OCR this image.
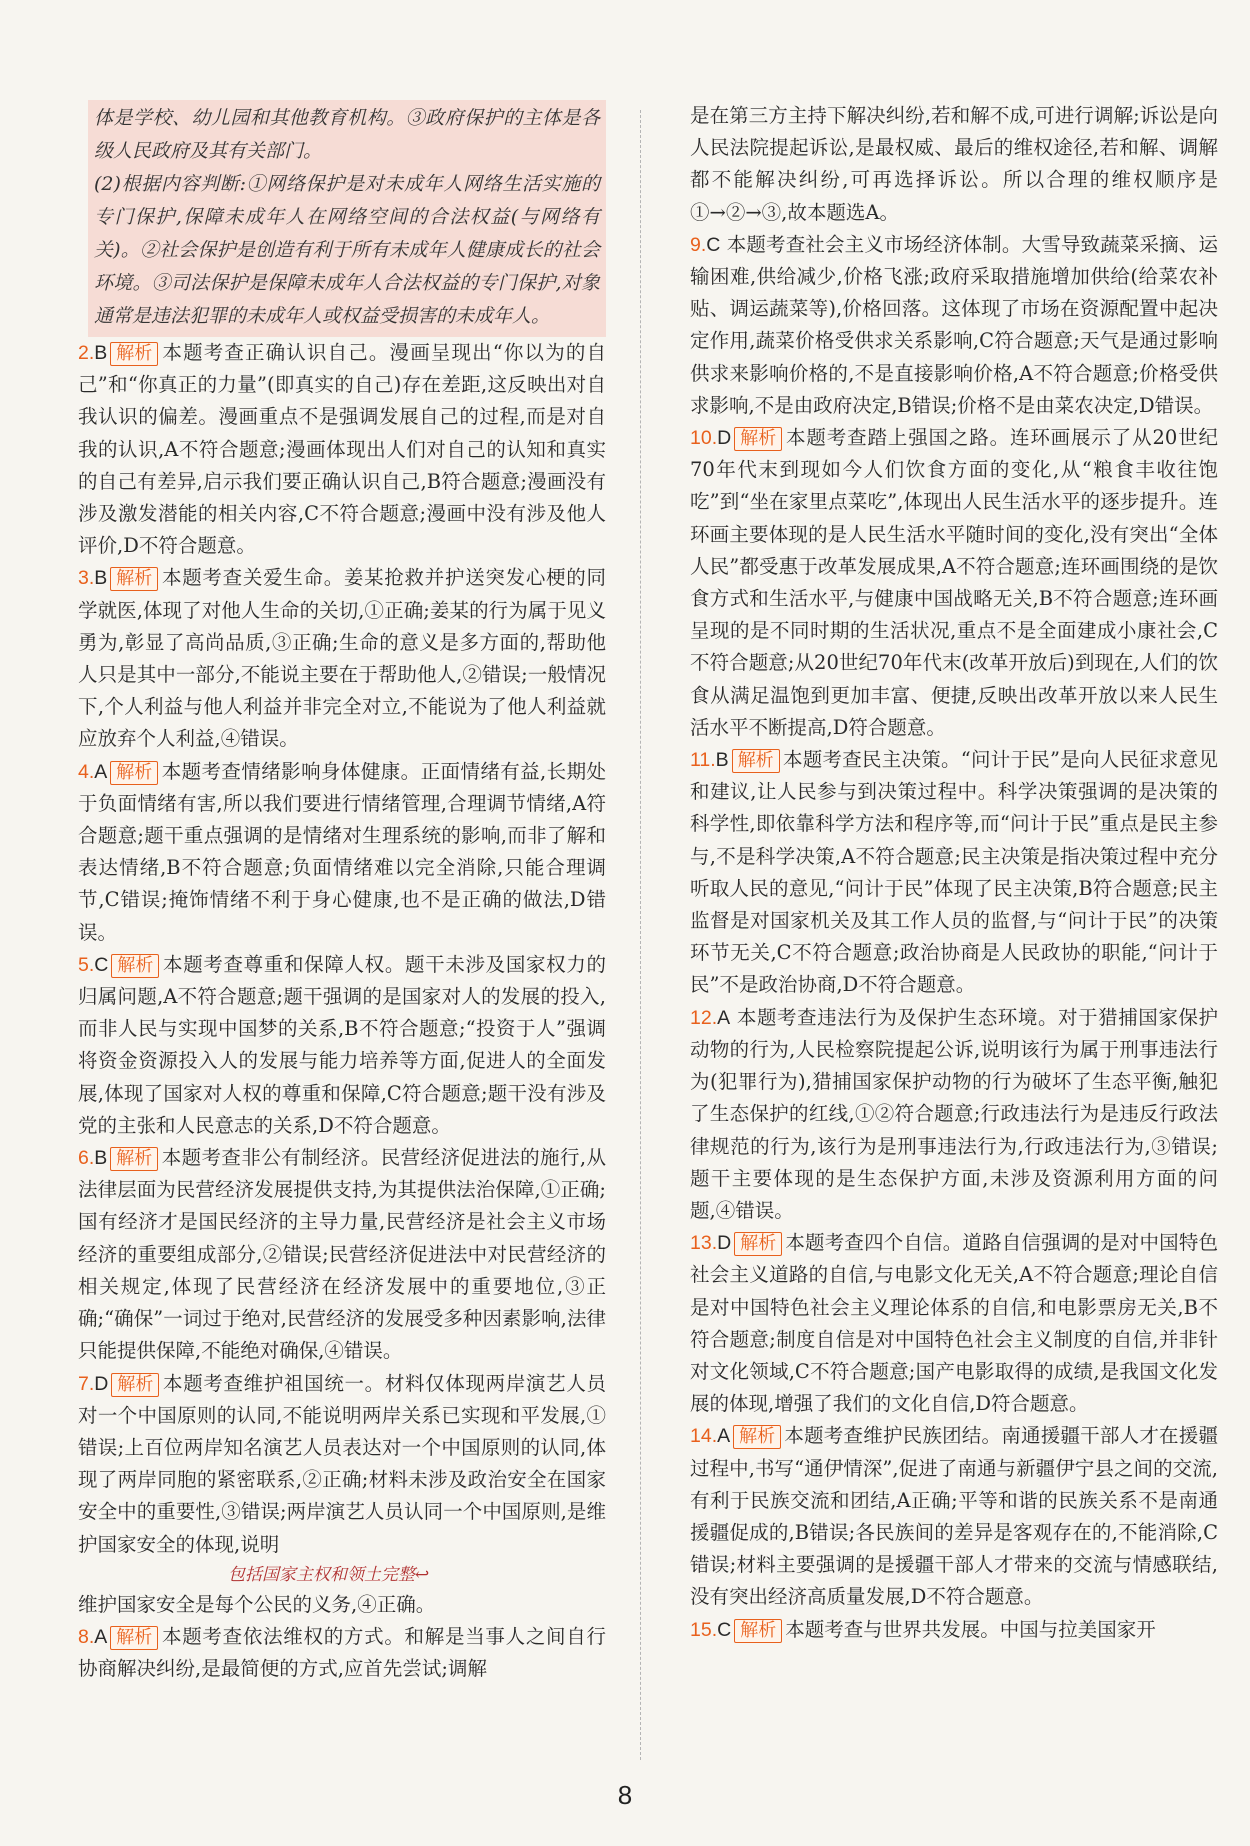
体是学校、幼儿园和其他教育机构。③政府保护的主体是各级人民政府及其有关部门。

(2)根据内容判断:①网络保护是对未成年人网络生活实施的专门保护,保障未成年人在网络空间的合法权益(与网络有关)。②社会保护是创造有利于所有未成年人健康成长的社会环境。③司法保护是保障未成年人合法权益的专门保护,对象通常是违法犯罪的未成年人或权益受损害的未成年人。

2.B 解析 本题考查正确认识自己。漫画呈现出“你以为的自己”和“你真正的力量”(即真实的自己)存在差距,这反映出对自我认识的偏差。漫画重点不是强调发展自己的过程,而是对自我的认识,A不符合题意;漫画体现出人们对自己的认知和真实的自己有差异,启示我们要正确认识自己,B符合题意;漫画没有涉及激发潜能的相关内容,C不符合题意;漫画中没有涉及他人评价,D不符合题意。
3.B 解析 本题考查关爱生命。姜某抢救并护送突发心梗的同学就医,体现了对他人生命的关切,①正确;姜某的行为属于见义勇为,彰显了高尚品质,③正确;生命的意义是多方面的,帮助他人只是其中一部分,不能说主要在于帮助他人,②错误;一般情况下,个人利益与他人利益并非完全对立,不能说为了他人利益就应放弃个人利益,④错误。
4.A 解析 本题考查情绪影响身体健康。正面情绪有益,长期处于负面情绪有害,所以我们要进行情绪管理,合理调节情绪,A符合题意;题干重点强调的是情绪对生理系统的影响,而非了解和表达情绪,B不符合题意;负面情绪难以完全消除,只能合理调节,C错误;掩饰情绪不利于身心健康,也不是正确的做法,D错误。
5.C 解析 本题考查尊重和保障人权。题干未涉及国家权力的归属问题,A不符合题意;题干强调的是国家对人的发展的投入,而非人民与实现中国梦的关系,B不符合题意;“投资于人”强调将资金资源投入人的发展与能力培养等方面,促进人的全面发展,体现了国家对人权的尊重和保障,C符合题意;题干没有涉及党的主张和人民意志的关系,D不符合题意。
6.B 解析 本题考查非公有制经济。民营经济促进法的施行,从法律层面为民营经济发展提供支持,为其提供法治保障,①正确;国有经济才是国民经济的主导力量,民营经济是社会主义市场经济的重要组成部分,②错误;民营经济促进法中对民营经济的相关规定,体现了民营经济在经济发展中的重要地位,③正确;“确保”一词过于绝对,民营经济的发展受多种因素影响,法律只能提供保障,不能绝对确保,④错误。
7.D 解析 本题考查维护祖国统一。材料仅体现两岸演艺人员对一个中国原则的认同,不能说明两岸关系已实现和平发展,①错误;上百位两岸知名演艺人员表达对一个中国原则的认同,体现了两岸同胞的紧密联系,②正确;材料未涉及政治安全在国家安全中的重要性,③错误;两岸演艺人员认同一个中国原则,是维护国家安全的体现,说明
包括国家主权和领土完整↩
维护国家安全是每个公民的义务,④正确。
8.A 解析 本题考查依法维权的方式。和解是当事人之间自行协商解决纠纷,是最简便的方式,应首先尝试;调解
是在第三方主持下解决纠纷,若和解不成,可进行调解;诉讼是向人民法院提起诉讼,是最权威、最后的维权途径,若和解、调解都不能解决纠纷,可再选择诉讼。所以合理的维权顺序是①→②→③,故本题选A。
9.C 本题考查社会主义市场经济体制。大雪导致蔬菜采摘、运输困难,供给减少,价格飞涨;政府采取措施增加供给(给菜农补贴、调运蔬菜等),价格回落。这体现了市场在资源配置中起决定作用,蔬菜价格受供求关系影响,C符合题意;天气是通过影响供求来影响价格的,不是直接影响价格,A不符合题意;价格受供求影响,不是由政府决定,B错误;价格不是由菜农决定,D错误。
10.D 解析 本题考查踏上强国之路。连环画展示了从20世纪70年代末到现如今人们饮食方面的变化,从“粮食丰收往饱吃”到“坐在家里点菜吃”,体现出人民生活水平的逐步提升。连环画主要体现的是人民生活水平随时间的变化,没有突出“全体人民”都受惠于改革发展成果,A不符合题意;连环画围绕的是饮食方式和生活水平,与健康中国战略无关,B不符合题意;连环画呈现的是不同时期的生活状况,重点不是全面建成小康社会,C不符合题意;从20世纪70年代末(改革开放后)到现在,人们的饮食从满足温饱到更加丰富、便捷,反映出改革开放以来人民生活水平不断提高,D符合题意。
11.B 解析 本题考查民主决策。“问计于民”是向人民征求意见和建议,让人民参与到决策过程中。科学决策强调的是决策的科学性,即依靠科学方法和程序等,而“问计于民”重点是民主参与,不是科学决策,A不符合题意;民主决策是指决策过程中充分听取人民的意见,“问计于民”体现了民主决策,B符合题意;民主监督是对国家机关及其工作人员的监督,与“问计于民”的决策环节无关,C不符合题意;政治协商是人民政协的职能,“问计于民”不是政治协商,D不符合题意。
12.A 本题考查违法行为及保护生态环境。对于猎捕国家保护动物的行为,人民检察院提起公诉,说明该行为属于刑事违法行为(犯罪行为),猎捕国家保护动物的行为破坏了生态平衡,触犯了生态保护的红线,①②符合题意;行政违法行为是违反行政法律规范的行为,该行为是刑事违法行为,行政违法行为,③错误;题干主要体现的是生态保护方面,未涉及资源利用方面的问题,④错误。
13.D 解析 本题考查四个自信。道路自信强调的是对中国特色社会主义道路的自信,与电影文化无关,A不符合题意;理论自信是对中国特色社会主义理论体系的自信,和电影票房无关,B不符合题意;制度自信是对中国特色社会主义制度的自信,并非针对文化领域,C不符合题意;国产电影取得的成绩,是我国文化发展的体现,增强了我们的文化自信,D符合题意。
14.A 解析 本题考查维护民族团结。南通援疆干部人才在援疆过程中,书写“通伊情深”,促进了南通与新疆伊宁县之间的交流,有利于民族交流和团结,A正确;平等和谐的民族关系不是南通援疆促成的,B错误;各民族间的差异是客观存在的,不能消除,C错误;材料主要强调的是援疆干部人才带来的交流与情感联结,没有突出经济高质量发展,D不符合题意。
15.C 解析 本题考查与世界共发展。中国与拉美国家开
8
